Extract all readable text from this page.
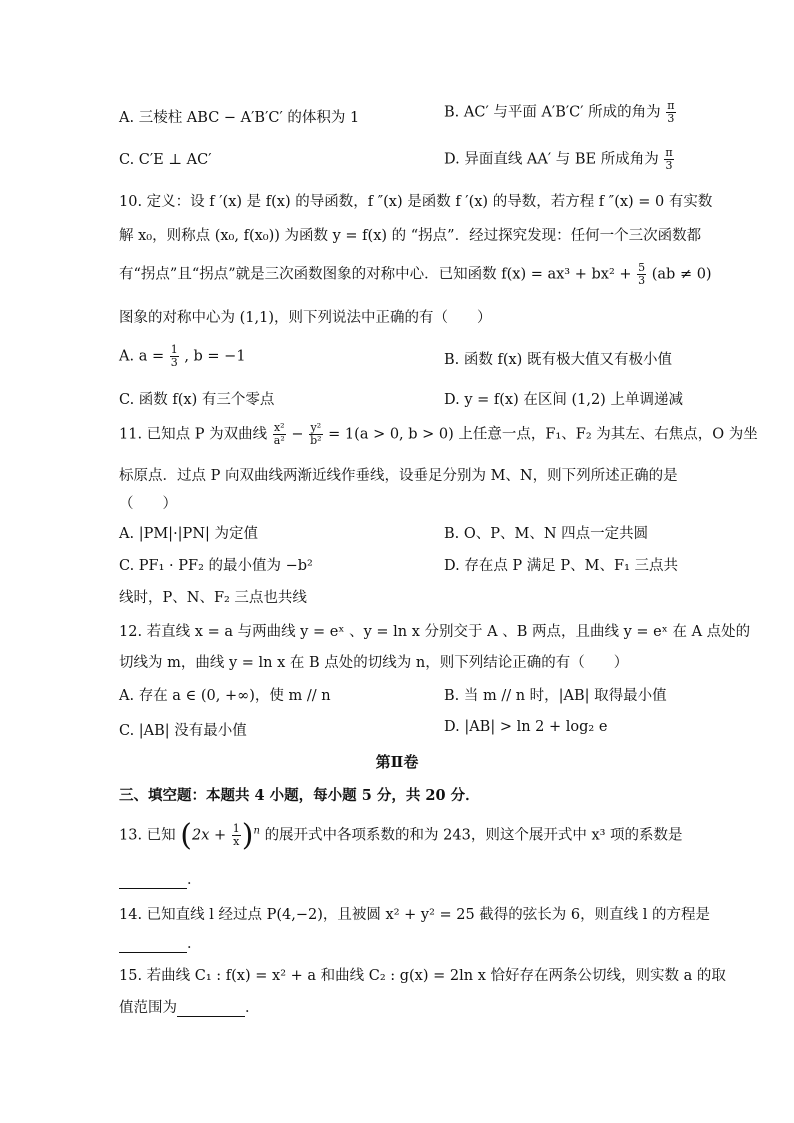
A. 三棱柱 ABC − A′B′C′ 的体积为 1	B. AC′ 与平面 A′B′C′ 所成的角为 $\frac{\pi}{3}$
C. C′E ⊥ AC′	D. 异面直线 AA′ 与 BE 所成角为 $\frac{\pi}{3}$
10. 定义：设 f ′(x) 是 f(x) 的导函数，f ″(x) 是函数 f ′(x) 的导数，若方程 f ″(x) = 0 有实数
解 x₀，则称点 (x₀, f(x₀)) 为函数 y = f(x) 的 “拐点”．经过探究发现：任何一个三次函数都
有“拐点”且“拐点”就是三次函数图象的对称中心．已知函数 $f(x) = ax^3 + bx^2 + \frac{5}{3} (ab \ne 0)$
图象的对称中心为 (1,1)，则下列说法中正确的有（　　）
A. $a = \frac{1}{3}$ , b = −1	B. 函数 f(x) 既有极大值又有极小值
C. 函数 f(x) 有三个零点	D. y = f(x) 在区间 (1,2) 上单调递减
11. 已知点 P 为双曲线 $\frac{\text{x²}}{\text{a²}} - \frac{\text{y²}}{\text{b²}} = 1(a > 0$, b > 0) 上任意一点，F₁、F₂ 为其左、右焦点，O 为坐
标原点．过点 P 向双曲线两渐近线作垂线，设垂足分别为 M、N，则下列所述正确的是
（　　）
A. |PM|·|PN| 为定值	B. O、P、M、N 四点一定共圆
C. PF₁ · PF₂ 的最小值为 −b²	D. 存在点 P 满足 P、M、F₁ 三点共
线时，P、N、F₂ 三点也共线
12. 若直线 x = a 与两曲线 y = eˣ 、y = ln x 分别交于 A 、B 两点，且曲线 y = eˣ 在 A 点处的
切线为 m，曲线 y = ln x 在 B 点处的切线为 n，则下列结论正确的有（　　）
A. 存在 a ∈ (0, +∞)，使 m // n	B. 当 m // n 时，|AB| 取得最小值
C. |AB| 没有最小值	D. |AB| > ln 2 + log₂ e
第Ⅱ卷
三、填空题：本题共 4 小题，每小题 5 分，共 20 分．
13. 已知 $(2x + \frac{1}{x} )^n$ 的展开式中各项系数的和为 243，则这个展开式中 x³ 项的系数是
．
14. 已知直线 l 经过点 P(4,−2)，且被圆 x² + y² = 25 截得的弦长为 6，则直线 l 的方程是
．
15. 若曲线 C₁ : f(x) = x² + a 和曲线 C₂ : g(x) = 2ln x 恰好存在两条公切线，则实数 a 的取
值范围为	．
